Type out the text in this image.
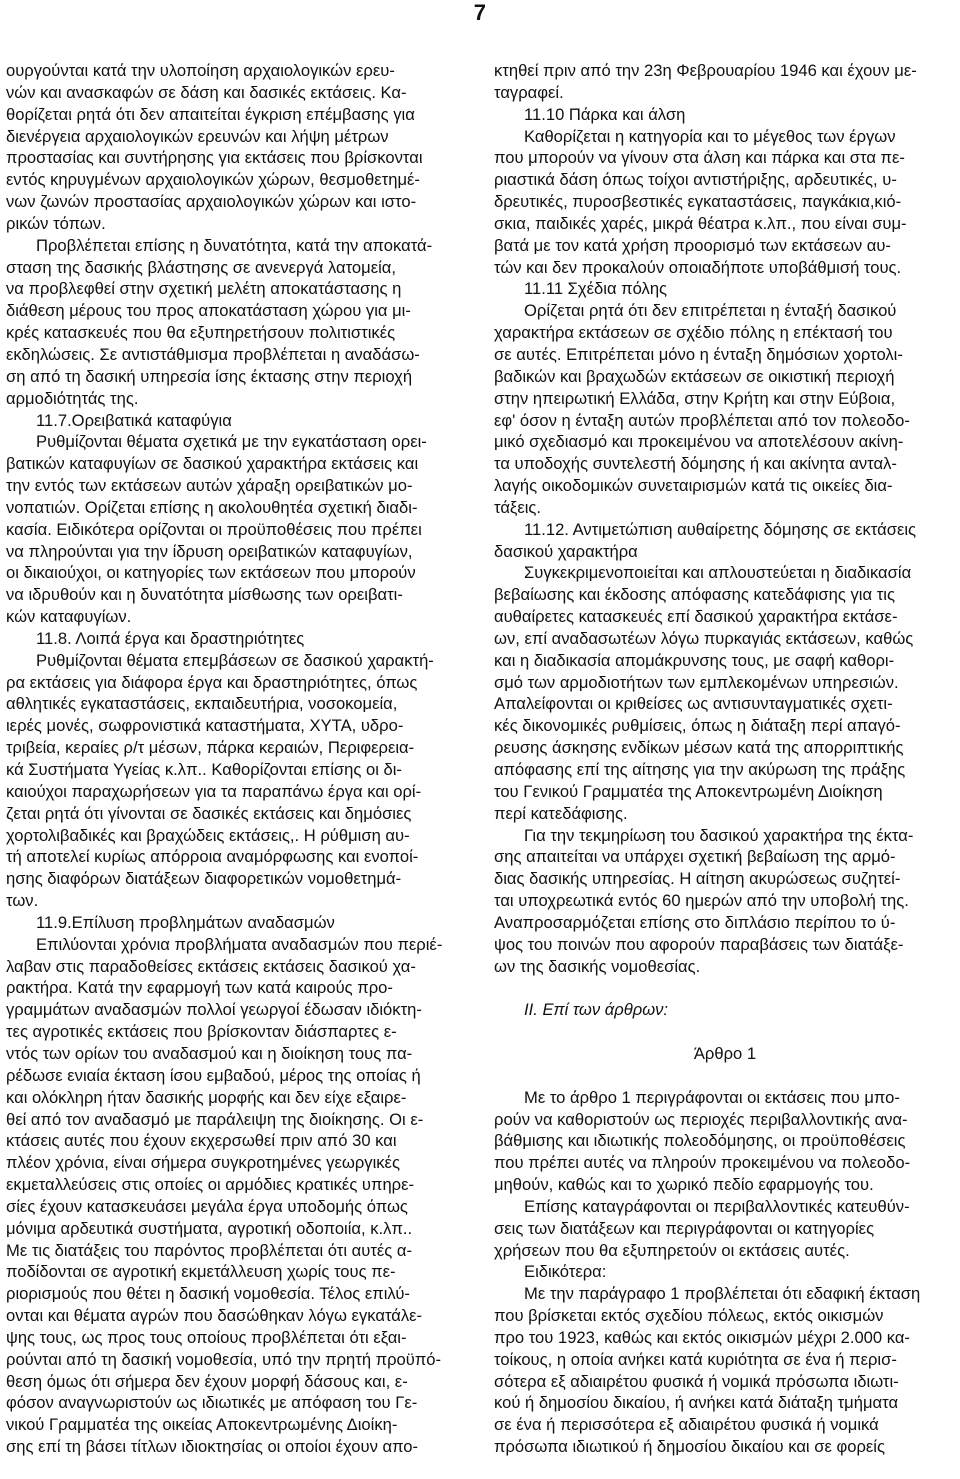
7
ουργούνται κατά την υλοποίηση αρχαιολογικών ερευ-
νών και ανασκαφών σε δάση και δασικές εκτάσεις. Κα-
θορίζεται ρητά ότι δεν απαιτείται έγκριση επέμβασης για
διενέργεια αρχαιολογικών ερευνών και λήψη μέτρων
προστασίας και συντήρησης για εκτάσεις που βρίσκονται
εντός κηρυγμένων αρχαιολογικών χώρων, θεσμοθετημέ-
νων ζωνών προστασίας αρχαιολογικών χώρων και ιστο-
ρικών τόπων.
Προβλέπεται επίσης η δυνατότητα, κατά την αποκατά-
σταση της δασικής βλάστησης σε ανενεργά λατομεία,
να προβλεφθεί στην σχετική μελέτη αποκατάστασης η
διάθεση μέρους του προς αποκατάσταση χώρου για μι-
κρές κατασκευές που θα εξυπηρετήσουν πολιτιστικές
εκδηλώσεις. Σε αντιστάθμισμα προβλέπεται η αναδάσω-
ση από τη δασική υπηρεσία ίσης έκτασης στην περιοχή
αρμοδιότητάς της.
11.7.Ορειβατικά καταφύγια
Ρυθμίζονται θέματα σχετικά με την εγκατάσταση ορει-
βατικών καταφυγίων σε δασικού χαρακτήρα εκτάσεις και
την εντός των εκτάσεων αυτών χάραξη ορειβατικών μο-
νοπατιών. Ορίζεται επίσης η ακολουθητέα σχετική διαδι-
κασία. Ειδικότερα ορίζονται οι προϋποθέσεις που πρέπει
να πληρούνται για την ίδρυση ορειβατικών καταφυγίων,
οι δικαιούχοι, οι κατηγορίες των εκτάσεων που μπορούν
να ιδρυθούν και η δυνατότητα μίσθωσης των ορειβατι-
κών καταφυγίων.
11.8. Λοιπά έργα και δραστηριότητες
Ρυθμίζονται θέματα επεμβάσεων σε δασικού χαρακτή-
ρα εκτάσεις για διάφορα έργα και δραστηριότητες, όπως
αθλητικές εγκαταστάσεις, εκπαιδευτήρια, νοσοκομεία,
ιερές μονές, σωφρονιστικά καταστήματα, ΧΥΤΑ, υδρο-
τριβεία, κεραίες ρ/τ μέσων, πάρκα κεραιών, Περιφερεια-
κά Συστήματα Υγείας κ.λπ.. Καθορίζονται επίσης οι δι-
καιούχοι παραχωρήσεων για τα παραπάνω έργα και ορί-
ζεται ρητά ότι γίνονται σε δασικές εκτάσεις και δημόσιες
χορτολιβαδικές και βραχώδεις εκτάσεις,. Η ρύθμιση αυ-
τή αποτελεί κυρίως απόρροια αναμόρφωσης και ενοποί-
ησης διαφόρων διατάξεων διαφορετικών νομοθετημά-
των.
11.9.Επίλυση προβλημάτων αναδασμών
Επιλύονται χρόνια προβλήματα αναδασμών που περιέ-
λαβαν στις παραδοθείσες εκτάσεις εκτάσεις δασικού χα-
ρακτήρα. Κατά την εφαρμογή των κατά καιρούς προ-
γραμμάτων αναδασμών πολλοί γεωργοί έδωσαν ιδιόκτη-
τες αγροτικές εκτάσεις που βρίσκονταν διάσπαρτες ε-
ντός των ορίων του αναδασμού και η διοίκηση τους πα-
ρέδωσε ενιαία έκταση ίσου εμβαδού, μέρος της οποίας ή
και ολόκληρη ήταν δασικής μορφής και δεν είχε εξαιρε-
θεί από τον αναδασμό με παράλειψη της διοίκησης. Οι ε-
κτάσεις αυτές που έχουν εκχερσωθεί πριν από 30 και
πλέον χρόνια, είναι σήμερα συγκροτημένες γεωργικές
εκμεταλλεύσεις στις οποίες οι αρμόδιες κρατικές υπηρε-
σίες έχουν κατασκευάσει μεγάλα έργα υποδομής όπως
μόνιμα αρδευτικά συστήματα, αγροτική οδοποιία, κ.λπ..
Με τις διατάξεις του παρόντος προβλέπεται ότι αυτές α-
ποδίδονται σε αγροτική εκμετάλλευση χωρίς τους πε-
ριορισμούς που θέτει η δασική νομοθεσία. Τέλος επιλύ-
ονται και θέματα αγρών που δασώθηκαν λόγω εγκατάλε-
ψης τους, ως προς τους οποίους προβλέπεται ότι εξαι-
ρούνται από τη δασική νομοθεσία, υπό την πρητή προϋπό-
θεση όμως ότι σήμερα δεν έχουν μορφή δάσους και, ε-
φόσον αναγνωριστούν ως ιδιωτικές με απόφαση του Γε-
νικού Γραμματέα της οικείας Αποκεντρωμένης Διοίκη-
σης επί τη βάσει τίτλων ιδιοκτησίας οι οποίοι έχουν απο-
κτηθεί πριν από την 23η Φεβρουαρίου 1946 και έχουν με-
ταγραφεί.
11.10 Πάρκα και άλση
Καθορίζεται η κατηγορία και το μέγεθος των έργων
που μπορούν να γίνουν στα άλση και πάρκα και στα πε-
ριαστικά δάση όπως τοίχοι αντιστήριξης, αρδευτικές, υ-
δρευτικές, πυροσβεστικές εγκαταστάσεις, παγκάκια,κιό-
σκια, παιδικές χαρές, μικρά θέατρα κ.λπ., που είναι συμ-
βατά με τον κατά χρήση προορισμό των εκτάσεων αυ-
τών και δεν προκαλούν οποιαδήποτε υποβάθμισή τους.
11.11 Σχέδια πόλης
Ορίζεται ρητά ότι δεν επιτρέπεται η ένταξή δασικού
χαρακτήρα εκτάσεων σε σχέδιο πόλης η επέκτασή του
σε αυτές. Επιτρέπεται μόνο η ένταξη δημόσιων χορτολι-
βαδικών και βραχωδών εκτάσεων σε οικιστική περιοχή
στην ηπειρωτική Ελλάδα, στην Κρήτη και στην Εύβοια,
εφ' όσον η ένταξη αυτών προβλέπεται από τον πολεοδο-
μικό σχεδιασμό και προκειμένου να αποτελέσουν ακίνη-
τα υποδοχής συντελεστή δόμησης ή και ακίνητα ανταλ-
λαγής οικοδομικών συνεταιρισμών κατά τις οικείες δια-
τάξεις.
11.12. Αντιμετώπιση αυθαίρετης δόμησης σε εκτάσεις
δασικού χαρακτήρα
Συγκεκριμενοποιείται και απλουστεύεται η διαδικασία
βεβαίωσης και έκδοσης απόφασης κατεδάφισης για τις
αυθαίρετες κατασκευές επί δασικού χαρακτήρα εκτάσε-
ων, επί αναδασωτέων λόγω πυρκαγιάς εκτάσεων, καθώς
και η διαδικασία απομάκρυνσης τους, με σαφή καθορι-
σμό των αρμοδιοτήτων των εμπλεκομένων υπηρεσιών.
Απαλείφονται οι κριθείσες ως αντισυνταγματικές σχετι-
κές δικονομικές ρυθμίσεις, όπως η διάταξη περί απαγό-
ρευσης άσκησης ενδίκων μέσων κατά της απορριπτικής
απόφασης επί της αίτησης για την ακύρωση της πράξης
του Γενικού Γραμματέα της Αποκεντρωμένη Διοίκηση
περί κατεδάφισης.
Για την τεκμηρίωση του δασικού χαρακτήρα της έκτα-
σης απαιτείται να υπάρχει σχετική βεβαίωση της αρμό-
διας δασικής υπηρεσίας. Η αίτηση ακυρώσεως συζητεί-
ται υποχρεωτικά εντός 60 ημερών από την υποβολή της.
Αναπροσαρμόζεται επίσης στο διπλάσιο περίπου το ύ-
ψος του ποινών που αφορούν παραβάσεις των διατάξε-
ων της δασικής νομοθεσίας.
ΙΙ. Επί των άρθρων:
Άρθρο 1
Με το άρθρο 1 περιγράφονται οι εκτάσεις που μπο-
ρούν να καθοριστούν ως περιοχές περιβαλλοντικής ανα-
βάθμισης και ιδιωτικής πολεοδόμησης, οι προϋποθέσεις
που πρέπει αυτές να πληρούν προκειμένου να πολεοδο-
μηθούν, καθώς και το χωρικό πεδίο εφαρμογής του.
Επίσης καταγράφονται οι περιβαλλοντικές κατευθύν-
σεις των διατάξεων και περιγράφονται οι κατηγορίες
χρήσεων που θα εξυπηρετούν οι εκτάσεις αυτές.
Ειδικότερα:
Με την παράγραφο 1 προβλέπεται ότι εδαφική έκταση
που βρίσκεται εκτός σχεδίου πόλεως, εκτός οικισμών
προ του 1923, καθώς και εκτός οικισμών μέχρι 2.000 κα-
τοίκους, η οποία ανήκει κατά κυριότητα σε ένα ή περισ-
σότερα εξ αδιαιρέτου φυσικά ή νομικά πρόσωπα ιδιωτι-
κού ή δημοσίου δικαίου, ή ανήκει κατά διάταξη τμήματα
σε ένα ή περισσότερα εξ αδιαιρέτου φυσικά ή νομικά
πρόσωπα ιδιωτικού ή δημοσίου δικαίου και σε φορείς
